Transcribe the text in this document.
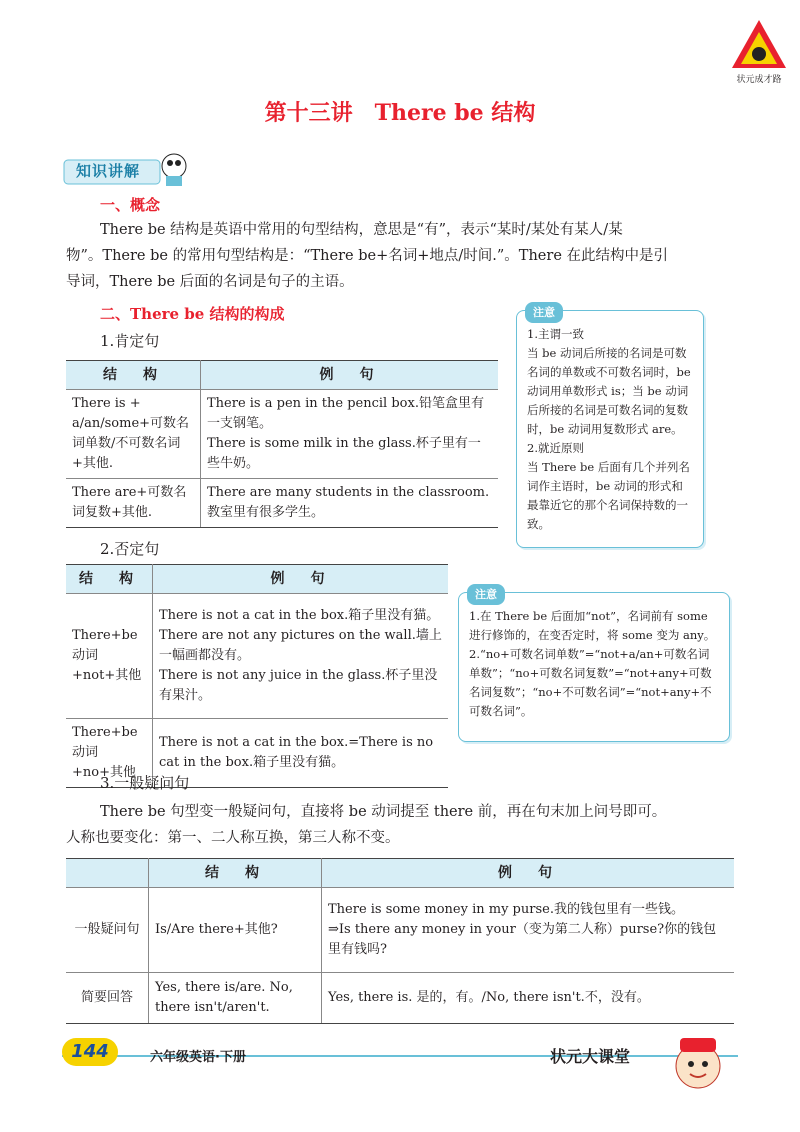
状元成才路
第十三讲　There be 结构
知识讲解
一、概念
There be 结构是英语中常用的句型结构，意思是“有”，表示“某时/某处有某人/某
物”。There be 的常用句型结构是：“There be+名词+地点/时间.”。There 在此结构中是引
导词，There be 后面的名词是句子的主语。
二、There be 结构的构成
1.肯定句
结　构	例　句
There is + a/an/some+可数名词单数/不可数名词+其他.	There is a pen in the pencil box.铅笔盒里有一支钢笔。
There is some milk in the glass.杯子里有一些牛奶。

There are+可数名词复数+其他.	There are many students in the classroom.教室里有很多学生。
注意
1.主谓一致
当 be 动词后所接的名词是可数名词的单数或不可数名词时，be 动词用单数形式 is；当 be 动词后所接的名词是可数名词的复数时，be 动词用复数形式 are。
2.就近原则
当 There be 后面有几个并列名词作主语时，be 动词的形式和最靠近它的那个名词保持数的一致。
2.否定句
结　构	例　句
There+be 动词+not+其他	There is not a cat in the box.箱子里没有猫。
There are not any pictures on the wall.墙上一幅画都没有。
There is not any juice in the glass.杯子里没有果汁。

There+be 动词+no+其他	There is not a cat in the box.=There is no cat in the box.箱子里没有猫。
注意
1.在 There be 后面加“not”，名词前有 some 进行修饰的，在变否定时，将 some 变为 any。
2.“no+可数名词单数”=“not+a/an+可数名词单数”；“no+可数名词复数”=“not+any+可数名词复数”；“no+不可数名词”=“not+any+不可数名词”。
3.一般疑问句
There be 句型变一般疑问句，直接将 be 动词提至 there 前，再在句末加上问号即可。
人称也要变化：第一、二人称互换，第三人称不变。
	结　构	例　句
一般疑问句	Is/Are there+其他?	There is some money in my purse.我的钱包里有一些钱。
⇒Is there any money in your（变为第二人称）purse?你的钱包里有钱吗?

简要回答	Yes, there is/are. No, there isn't/aren't.	Yes, there is. 是的，有。/No, there isn't.不，没有。
144	六年级英语·下册	状元大课堂
